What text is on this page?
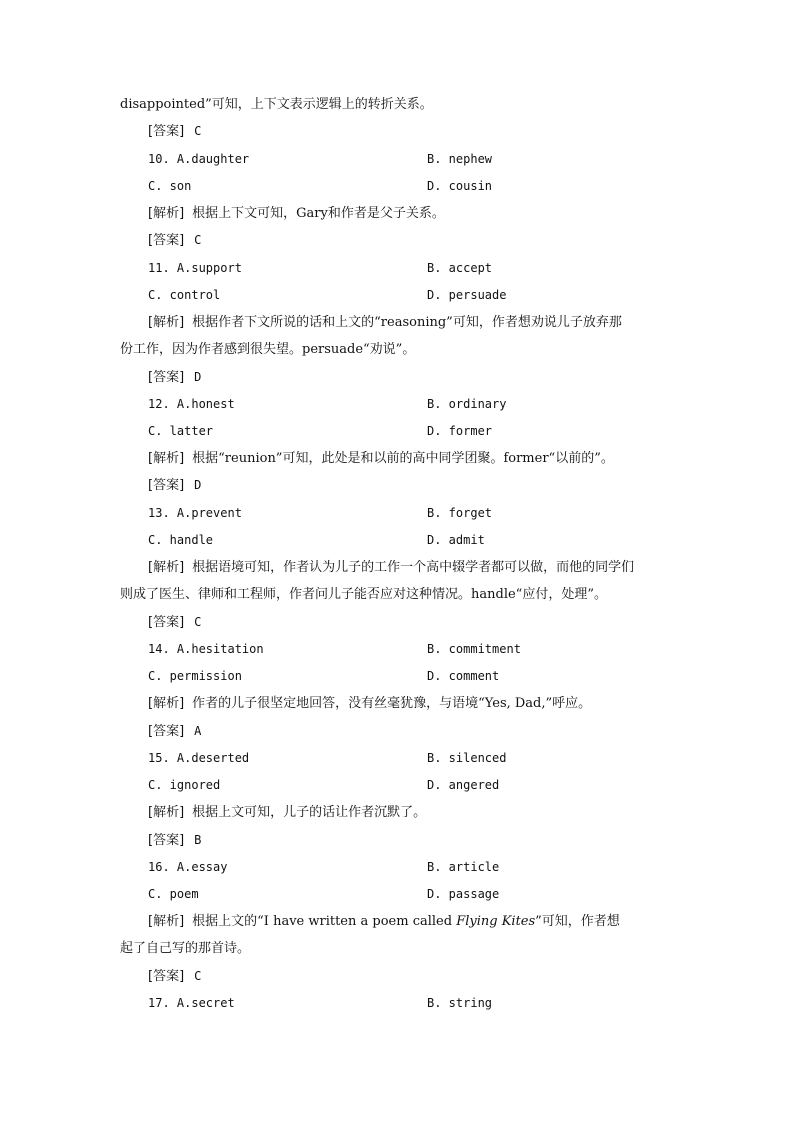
disappointed”可知，上下文表示逻辑上的转折关系。
[答案] C
10. A.daughter	B. nephew
C. son	D. cousin
[解析] 根据上下文可知，Gary和作者是父子关系。
[答案] C
11. A.support	B. accept
C. control	D. persuade
[解析] 根据作者下文所说的话和上文的“reasoning”可知，作者想劝说儿子放弃那
份工作，因为作者感到很失望。persuade“劝说”。
[答案] D
12. A.honest	B. ordinary
C. latter	D. former
[解析] 根据“reunion”可知，此处是和以前的高中同学团聚。former“以前的”。
[答案] D
13. A.prevent	B. forget
C. handle	D. admit
[解析] 根据语境可知，作者认为儿子的工作一个高中辍学者都可以做，而他的同学们
则成了医生、律师和工程师，作者问儿子能否应对这种情况。handle“应付，处理”。
[答案] C
14. A.hesitation	B. commitment
C. permission	D. comment
[解析] 作者的儿子很坚定地回答，没有丝毫犹豫，与语境“Yes, Dad,”呼应。
[答案] A
15. A.deserted	B. silenced
C. ignored	D. angered
[解析] 根据上文可知，儿子的话让作者沉默了。
[答案] B
16. A.essay	B. article
C. poem	D. passage
[解析] 根据上文的“I have written a poem called Flying Kites”可知，作者想
起了自己写的那首诗。
[答案] C
17. A.secret	B. string
